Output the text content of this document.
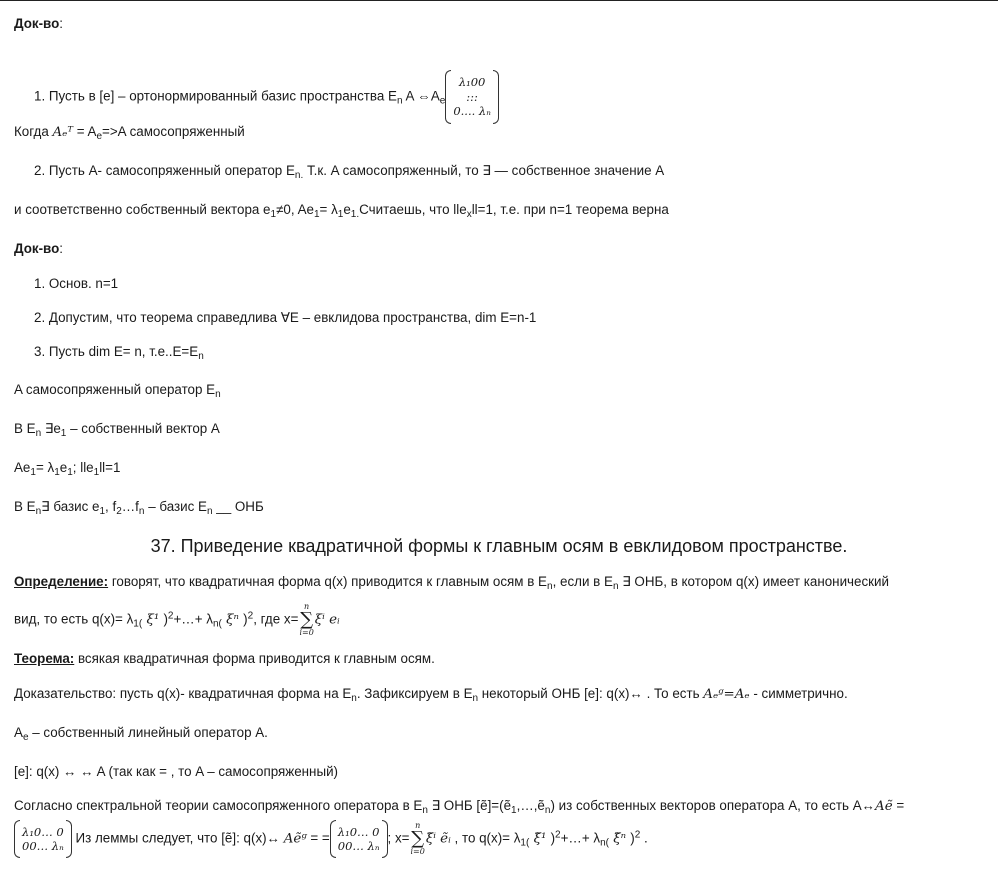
Док-во:
1. Пусть в [e] – ортонормированный базис пространства $E_n$ A $\Leftrightarrow A_e$
λ₁00
:::
0.... λₙ
Когда Aₑᵀ = $A_e=>A$ самосопряженный
2. Пусть A- самосопряженный оператор $E_{n.}$ Т.к. A самосопряженный, то ∃ — собственное значение A
и соответственно собственный вектора $e_1\ne 0$, $Ae_1=$ $\lambda_1e_{1.}Считаешь$, что llе$_x$ll=1, т.е. при n=1 теорема верна
Док-во:
1. Основ. n=1
2. Допустим, что теорема справедлива ∀E – евклидова пространства, dim E=n-1
3. Пусть dim E= n, $т.е..E=E_n$
A самосопряженный оператор $E_n$
В $E_n$ $\exists e_1$ – собственный вектор A
$Ae_1= \lambda_1e_1$; llе$_1$ll=1
В $E_n\exists$ базис $e_1$, $f_2\dots f_n$ – базис $E_n$ __ ОНБ
37. Приведение квадратичной формы к главным осям в евклидовом пространстве.
Определение: говорят, что квадратичная форма q(x) приводится к главным осям в $E_n$, если в $E_n$ ∃ ОНБ, в котором q(x) имеет канонический
вид, то есть $q(x)= \lambda_{1(}$ ξ¹ )$^2$+…+ $\lambda_{n(}$ ξⁿ )$^2$, где x=
n
∑
i=0
ξⁱ eᵢ
Теорема: всякая квадратичная форма приводится к главным осям.
Доказательство: пусть q(x)- квадратичная форма на $E_n$. Зафиксируем в $E_n$ некоторый ОНБ [e]: q(x)↔ . То есть Aₑᵍ=Aₑ - симметрично.
$A_e$ – собственный линейный оператор A.
[e]: q(x) ↔ ↔ A (так как = , то A – самосопряженный)
Согласно спектральной теории самосопряженного оператора в $E_n$ ∃ ОНБ [ẽ]=(ẽ$_1$,…,ẽ$_n$) из собственных векторов оператора A, то есть A↔Aẽ =
λ₁0… 0
00… λₙ
Из леммы следует, что [ẽ]: q(x)↔ Aẽᵍ = = λ₁0… 0
00… λₙ
; x=
n
∑
i=0
ξ̃ⁱ ẽᵢ , то $q(x)= \lambda_{1(}$ ξ̃¹ )$^2$+…+ $\lambda_{n(}$ ξ̃ⁿ )$^2$ .
